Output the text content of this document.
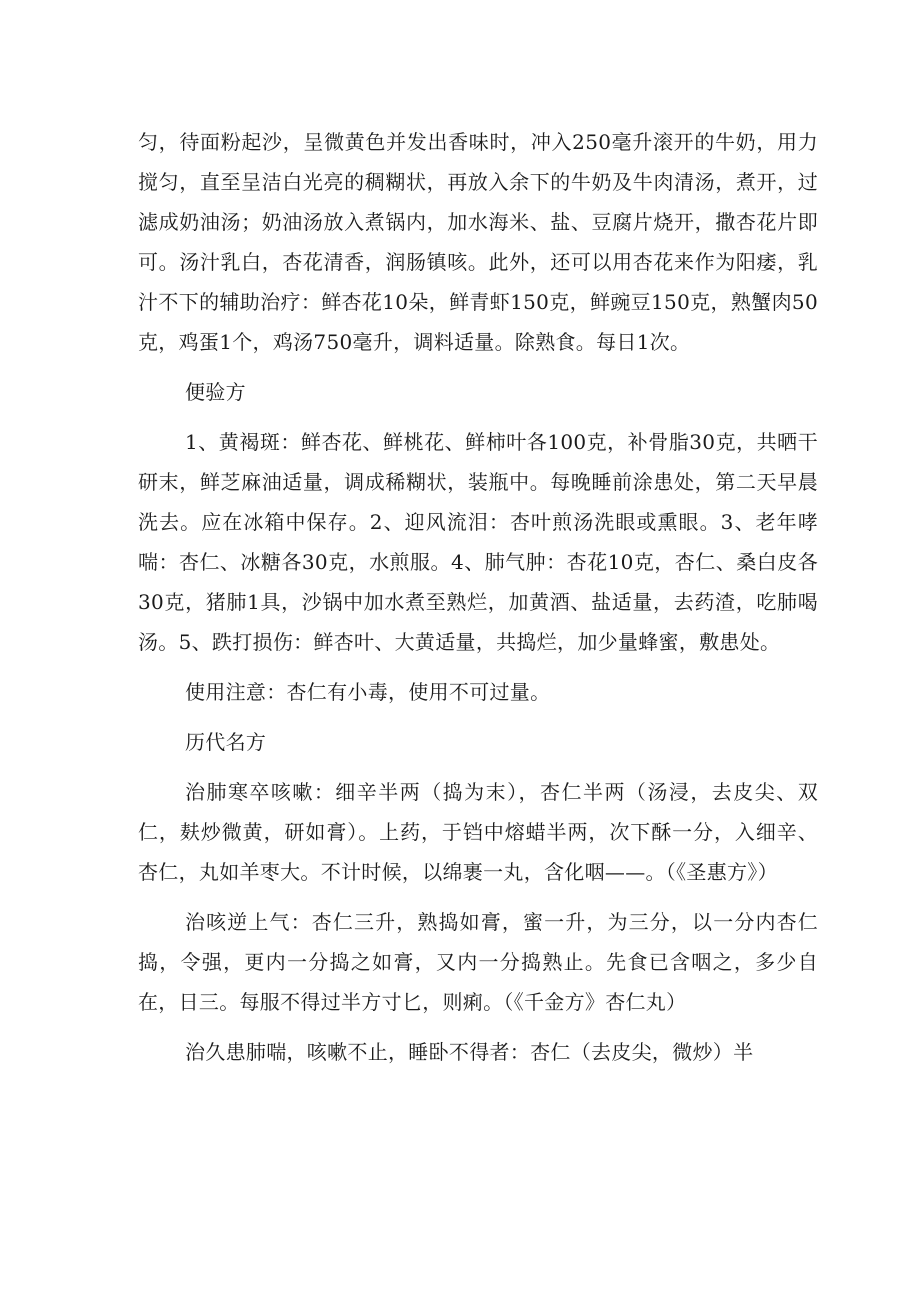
匀，待面粉起沙，呈微黄色并发出香味时，冲入250毫升滚开的牛奶，用力搅匀，直至呈洁白光亮的稠糊状，再放入余下的牛奶及牛肉清汤，煮开，过滤成奶油汤；奶油汤放入煮锅内，加水海米、盐、豆腐片烧开，撒杏花片即可。汤汁乳白，杏花清香，润肠镇咳。此外，还可以用杏花来作为阳痿，乳汁不下的辅助治疗：鲜杏花10朵，鲜青虾150克，鲜豌豆150克，熟蟹肉50克，鸡蛋1个，鸡汤750毫升，调料适量。除熟食。每日1次。

便验方

1、黄褐斑：鲜杏花、鲜桃花、鲜柿叶各100克，补骨脂30克，共晒干研末，鲜芝麻油适量，调成稀糊状，装瓶中。每晚睡前涂患处，第二天早晨洗去。应在冰箱中保存。2、迎风流泪：杏叶煎汤洗眼或熏眼。3、老年哮喘：杏仁、冰糖各30克，水煎服。4、肺气肿：杏花10克，杏仁、桑白皮各30克，猪肺1具，沙锅中加水煮至熟烂，加黄酒、盐适量，去药渣，吃肺喝汤。5、跌打损伤：鲜杏叶、大黄适量，共捣烂，加少量蜂蜜，敷患处。

使用注意：杏仁有小毒，使用不可过量。

历代名方

治肺寒卒咳嗽：细辛半两（捣为末），杏仁半两（汤浸，去皮尖、双仁，麸炒微黄，研如膏）。上药，于铛中熔蜡半两，次下酥一分，入细辛、杏仁，丸如羊枣大。不计时候，以绵裹一丸，含化咽——。（《圣惠方》）

治咳逆上气：杏仁三升，熟捣如膏，蜜一升，为三分，以一分内杏仁捣，令强，更内一分捣之如膏，又内一分捣熟止。先食已含咽之，多少自在，日三。每服不得过半方寸匕，则痢。（《千金方》杏仁丸）

治久患肺喘，咳嗽不止，睡卧不得者：杏仁（去皮尖，微炒）半
